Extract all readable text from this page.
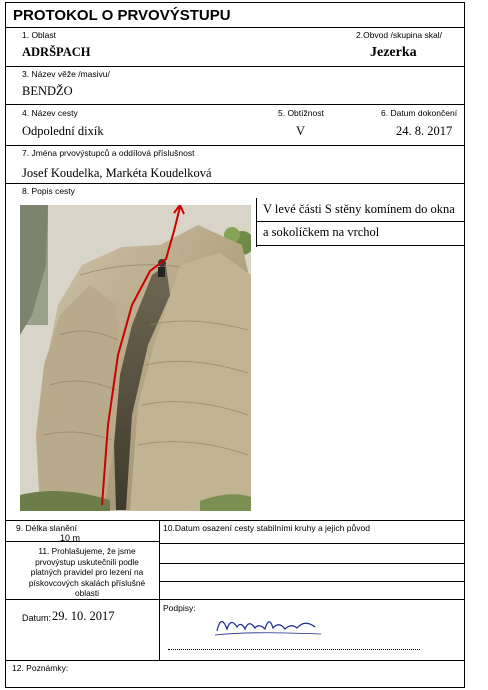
PROTOKOL O PRVOVÝSTUPU
1. Oblast
ADRŠPACH
2.Obvod /skupina skal/
Jezerka
3. Název věže /masivu/
BENDŽO
4. Název cesty
Odpolední dixík
5. Obtížnost
V
6. Datum dokončení
24. 8. 2017
7. Jména prvovýstupců a oddílová příslušnost
Josef Koudelka, Markéta Koudelková
8. Popis cesty
V levé části S stěny komínem do okna
a sokolíčkem na vrchol
9. Délka slanění
10 m
10.Datum osazení cesty stabilními kruhy a jejich původ
11. Prohlašujeme, že jsme prvovýstup uskutečnili podle platných pravidel pro lezení na pískovcových skalách příslušné oblasti
Datum: 29. 10. 2017
Podpisy:
12. Poznámky:
